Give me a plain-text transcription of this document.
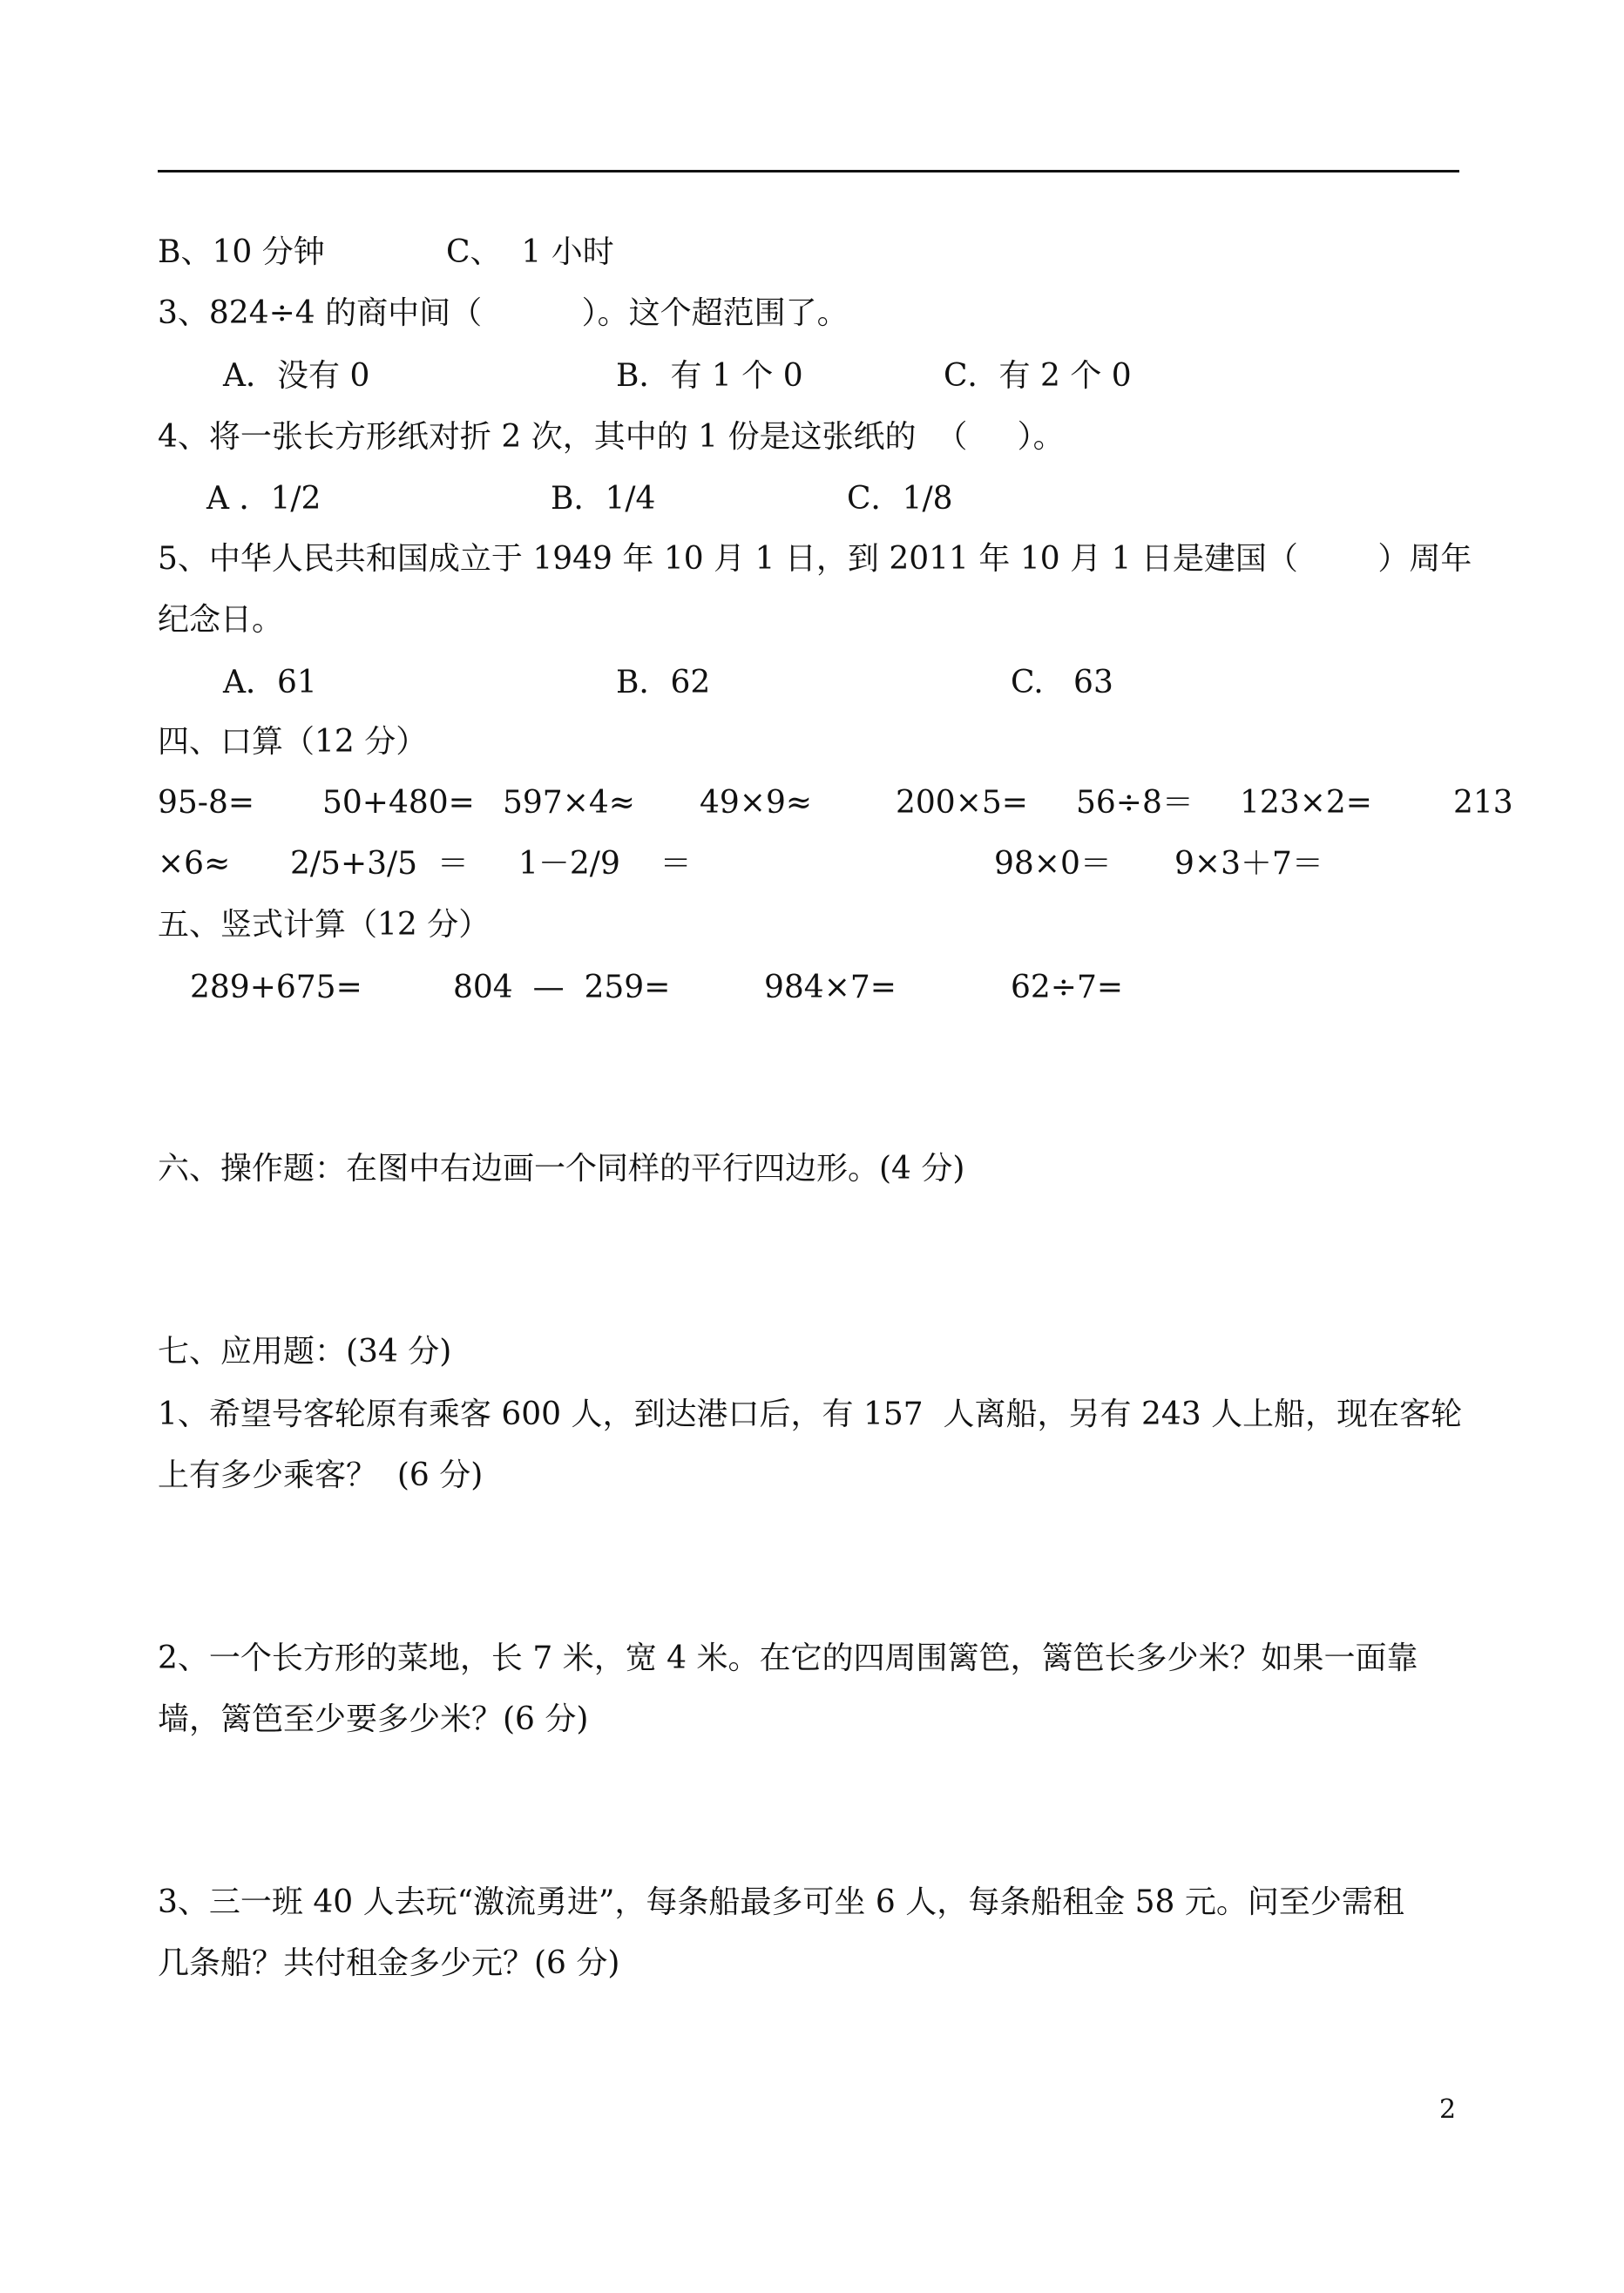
B、10 分钟	C、  1 小时
3、824÷4 的商中间（          ）。这个超范围了。
A．没有 0	B．有 1 个 0	C．有 2 个 0
4、将一张长方形纸对折 2 次，其中的 1 份是这张纸的  （     ）。
A ．1/2	B．1/4	C．1/8
5、中华人民共和国成立于 1949 年 10 月 1 日，到 2011 年 10 月 1 日是建国（        ）周年
纪念日。
A．61	B．62	C.   63
四、口算（12 分）
95-8= 50+480= 597×4≈ 49×9≈	200×5= 56÷8＝ 123×2=	213
×6≈ 2/5+3/5  ＝ 1－2/9    ＝	98×0＝ 9×3＋7＝
五、竖式计算（12 分）
289+675=	804  —  259=	984×7=	62÷7=
六、操作题：在图中右边画一个同样的平行四边形。(4 分)
七、应用题：(34 分)
1、希望号客轮原有乘客 600 人，到达港口后，有 157  人离船，另有 243 人上船，现在客轮
上有多少乘客？  (6 分)
2、一个长方形的菜地，长 7 米，宽 4 米。在它的四周围篱笆，篱笆长多少米？如果一面靠
墙，篱笆至少要多少米？(6 分)
3、三一班 40 人去玩“激流勇进”，每条船最多可坐 6 人，每条船租金 58 元。问至少需租
几条船？共付租金多少元？(6 分)
2
